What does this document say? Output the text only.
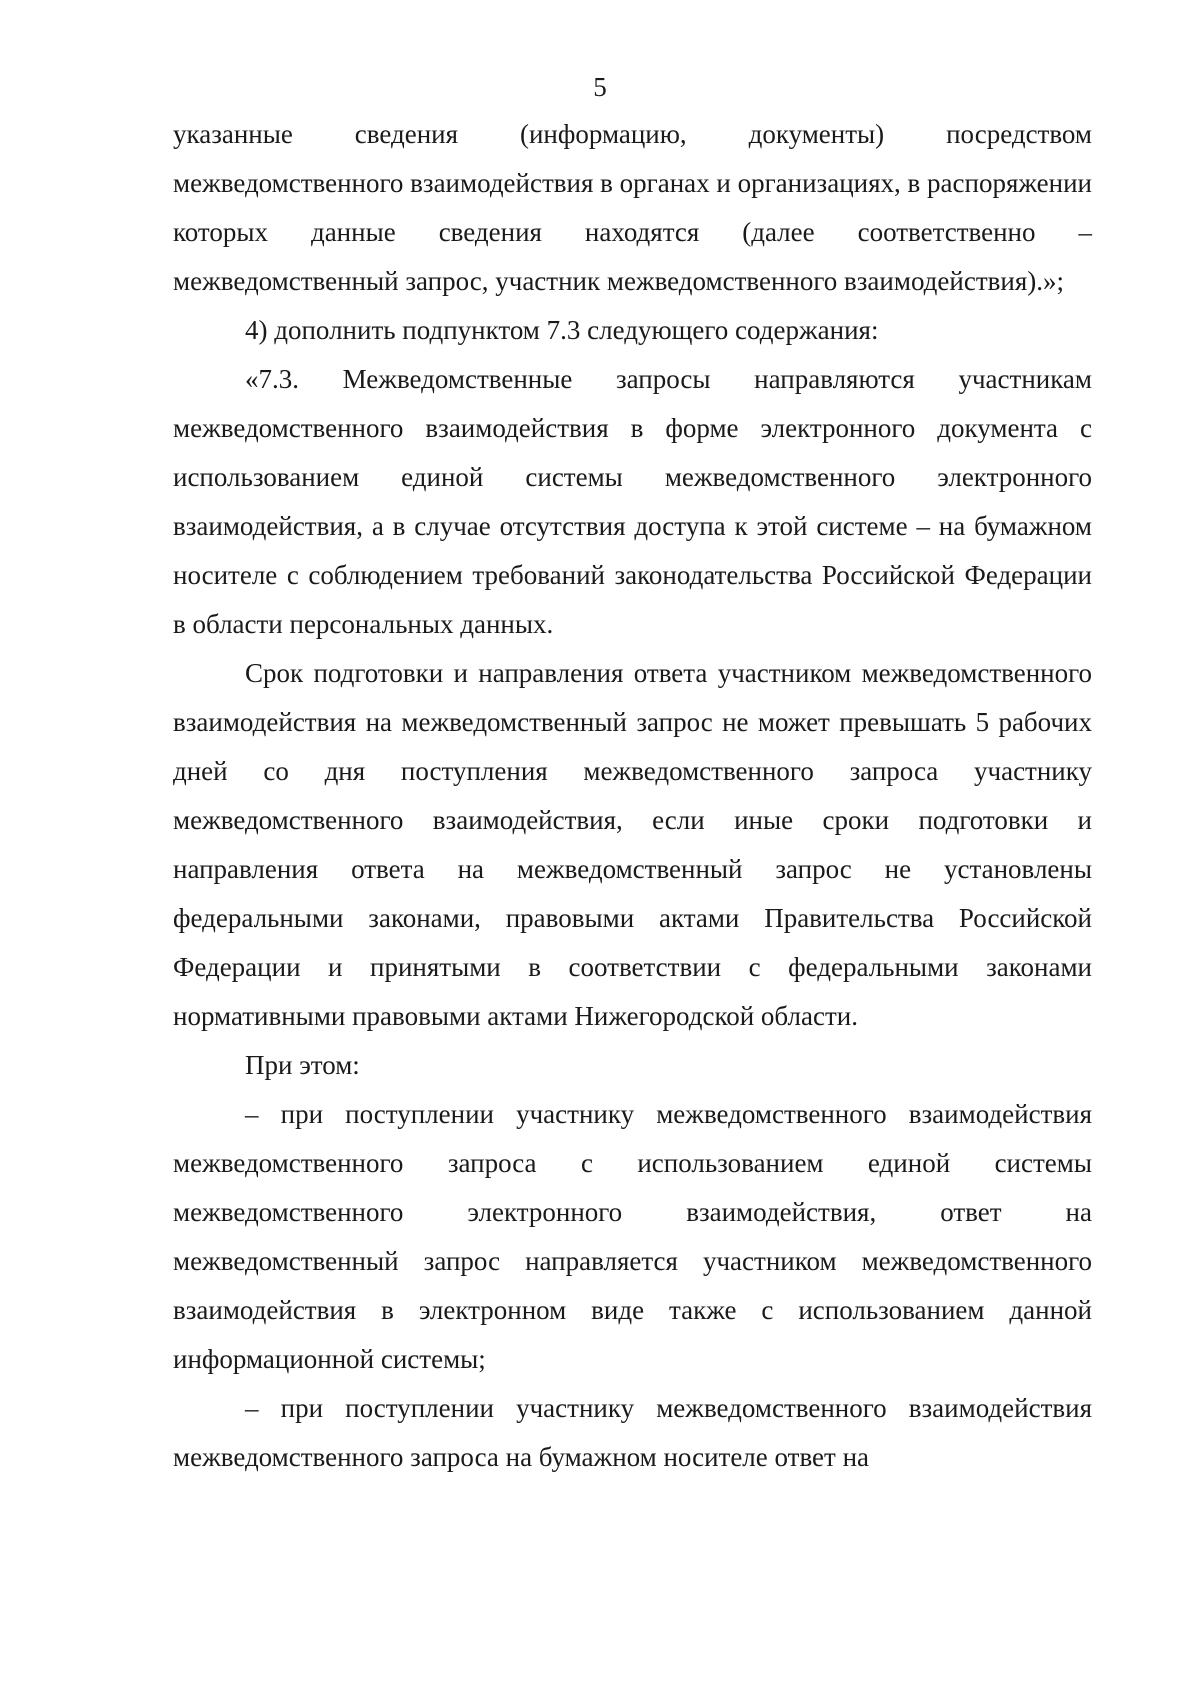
5

указанные сведения (информацию, документы) посредством межведомственного взаимодействия в органах и организациях, в распоряжении которых данные сведения находятся (далее соответственно – межведомственный запрос, участник межведомственного взаимодействия).»;

4) дополнить подпунктом 7.3 следующего содержания:

«7.3. Межведомственные запросы направляются участникам межведомственного взаимодействия в форме электронного документа с использованием единой системы межведомственного электронного взаимодействия, а в случае отсутствия доступа к этой системе – на бумажном носителе с соблюдением требований законодательства Российской Федерации в области персональных данных.

Срок подготовки и направления ответа участником межведомственного взаимодействия на межведомственный запрос не может превышать 5 рабочих дней со дня поступления межведомственного запроса участнику межведомственного взаимодействия, если иные сроки подготовки и направления ответа на межведомственный запрос не установлены федеральными законами, правовыми актами Правительства Российской Федерации и принятыми в соответствии с федеральными законами нормативными правовыми актами Нижегородской области.

При этом:

– при поступлении участнику межведомственного взаимодействия межведомственного запроса с использованием единой системы межведомственного электронного взаимодействия, ответ на межведомственный запрос направляется участником межведомственного взаимодействия в электронном виде также с использованием данной информационной системы;

– при поступлении участнику межведомственного взаимодействия межведомственного запроса на бумажном носителе ответ на
